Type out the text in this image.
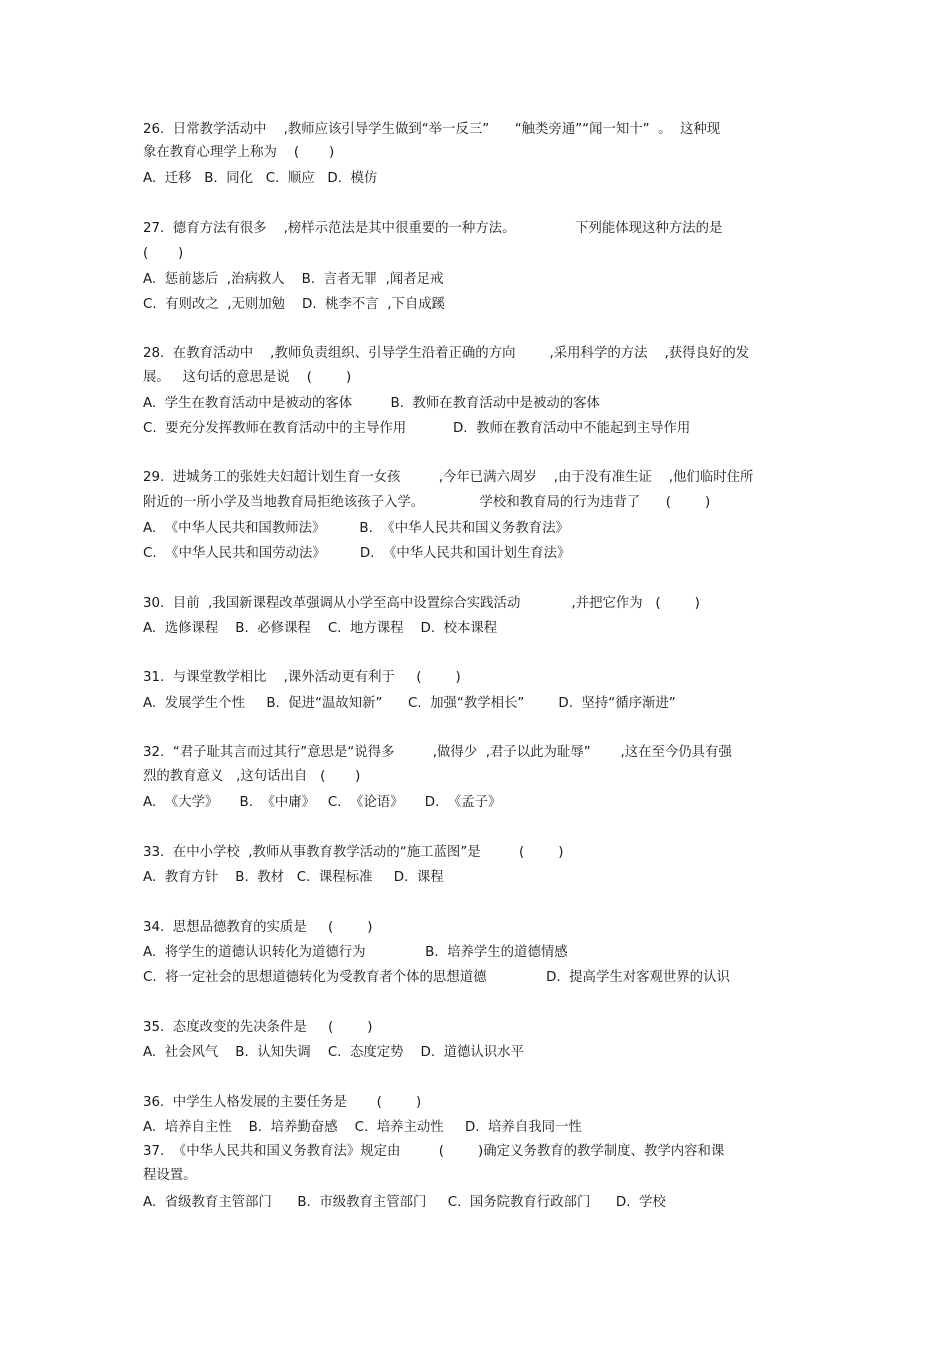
26.  日常教学活动中    ,教师应该引导学生做到“举一反三”      “触类旁通”“闻一知十”  。  这种现
象在教育心理学上称为    (       )
A.  迁移   B.  同化   C.  顺应   D.  模仿
27.  德育方法有很多    ,榜样示范法是其中很重要的一种方法。              下列能体现这种方法的是
(       )
A.  惩前毖后  ,治病救人    B.  言者无罪  ,闻者足戒
C.  有则改之  ,无则加勉    D.  桃李不言  ,下自成蹊
28.  在教育活动中    ,教师负责组织、引导学生沿着正确的方向        ,采用科学的方法    ,获得良好的发
展。   这句话的意思是说    (        )
A.  学生在教育活动中是被动的客体         B.  教师在教育活动中是被动的客体
C.  要充分发挥教师在教育活动中的主导作用           D.  教师在教育活动中不能起到主导作用
29.  进城务工的张姓夫妇超计划生育一女孩         ,今年已满六周岁    ,由于没有准生证    ,他们临时住所
附近的一所小学及当地教育局拒绝该孩子入学。             学校和教育局的行为违背了      (        )
A.  《中华人民共和国教师法》        B.  《中华人民共和国义务教育法》
C.  《中华人民共和国劳动法》        D.  《中华人民共和国计划生育法》
30.  目前  ,我国新课程改革强调从小学至高中设置综合实践活动            ,并把它作为   (        )
A.  选修课程    B.  必修课程    C.  地方课程    D.  校本课程
31.  与课堂教学相比    ,课外活动更有利于     (        )
A.  发展学生个性     B.  促进“温故知新”      C.  加强“教学相长”        D.  坚持“循序渐进”
32.  “君子耻其言而过其行”意思是“说得多         ,做得少  ,君子以此为耻辱”       ,这在至今仍具有强
烈的教育意义   ,这句话出自   (       )
A.  《大学》     B.  《中庸》   C.  《论语》     D.  《孟子》
33.  在中小学校  ,教师从事教育教学活动的“施工蓝图”是         (        )
A.  教育方针    B.  教材   C.  课程标准     D.  课程
34.  思想品德教育的实质是     (        )
A.  将学生的道德认识转化为道德行为              B.  培养学生的道德情感
C.  将一定社会的思想道德转化为受教育者个体的思想道德              D.  提高学生对客观世界的认识
35.  态度改变的先决条件是     (        )
A.  社会风气    B.  认知失调    C.  态度定势    D.  道德认识水平
36.  中学生人格发展的主要任务是       (        )
A.  培养自主性    B.  培养勤奋感    C.  培养主动性     D.  培养自我同一性
37.  《中华人民共和国义务教育法》规定由         (        )确定义务教育的教学制度、教学内容和课
程设置。
A.  省级教育主管部门      B.  市级教育主管部门     C.  国务院教育行政部门      D.  学校
